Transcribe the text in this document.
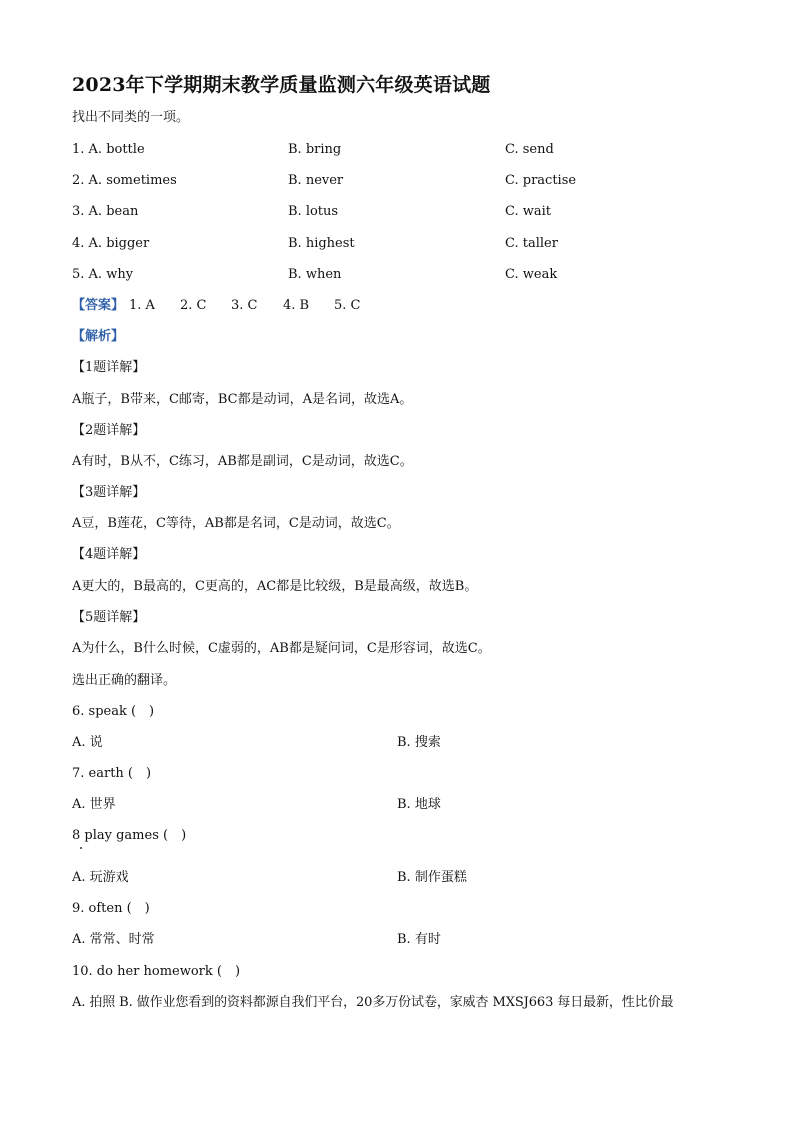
2023年下学期期末教学质量监测六年级英语试题
找出不同类的一项。
1. A. bottle	B. bring	C. send
2. A. sometimes	B. never	C. practise
3. A. bean	B. lotus	C. wait
4. A. bigger	B. highest	C. taller
5. A. why	B. when	C. weak
【答案】 1. A 2. C 3. C 4. B 5. C
【解析】
【1题详解】
A瓶子，B带来，C邮寄，BC都是动词，A是名词，故选A。
【2题详解】
A有时，B从不，C练习，AB都是副词，C是动词，故选C。
【3题详解】
A豆，B莲花，C等待，AB都是名词，C是动词，故选C。
【4题详解】
A更大的，B最高的，C更高的，AC都是比较级，B是最高级，故选B。
【5题详解】
A为什么，B什么时候，C虚弱的，AB都是疑问词，C是形容词，故选C。
选出正确的翻译。
6. speak (　)
A. 说	B. 搜索
7. earth (　)
A. 世界	B. 地球
8 play games (　)
A. 玩游戏	B. 制作蛋糕
9. often (　)
A. 常常、时常	B. 有时
10. do her homework (　)
A. 拍照 B. 做作业您看到的资料都源自我们平台，20多万份试卷，家威杏 MXSJ663 每日最新，性比价最
